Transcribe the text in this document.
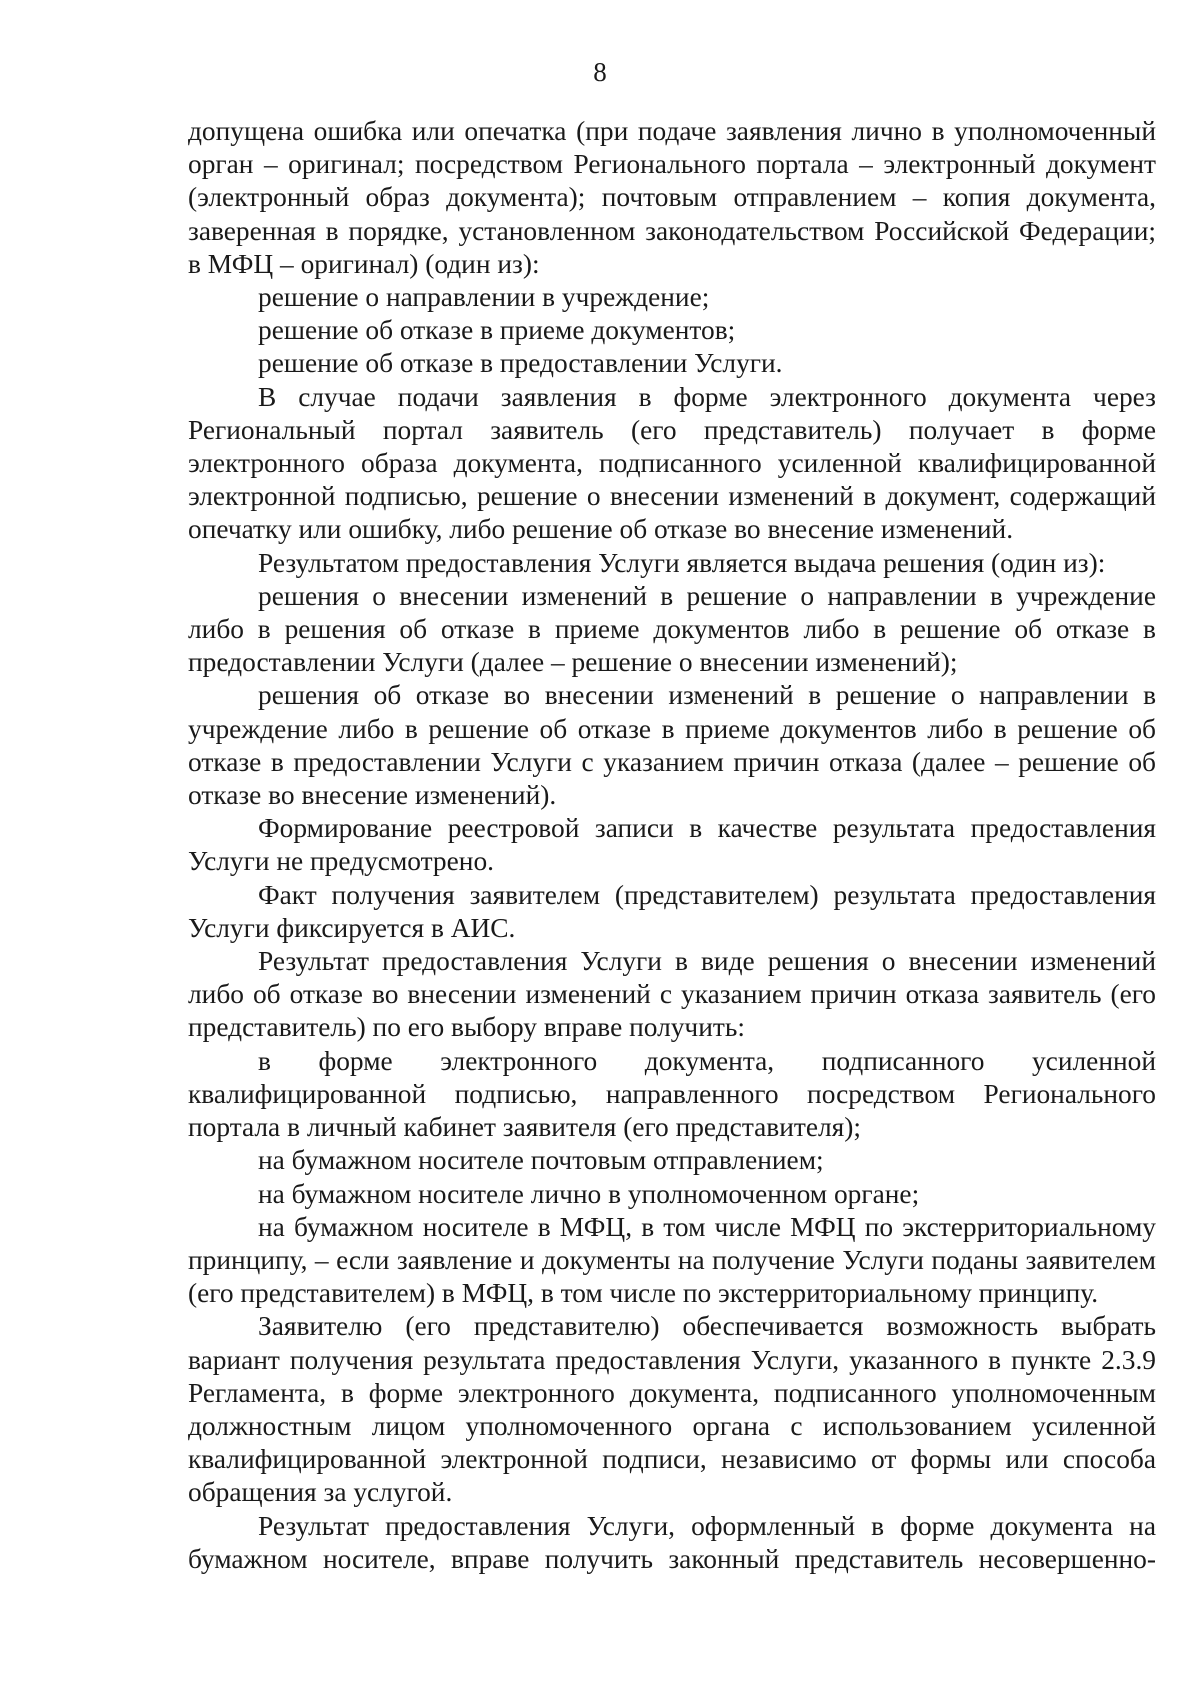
8

допущена ошибка или опечатка (при подаче заявления лично в уполномоченный орган – оригинал; посредством Регионального портала – электронный документ (электронный образ документа); почтовым отправлением – копия документа, заверенная в порядке, установленном законодательством Российской Федерации; в МФЦ – оригинал) (один из):

решение о направлении в учреждение;

решение об отказе в приеме документов;

решение об отказе в предоставлении Услуги.

В случае подачи заявления в форме электронного документа через Региональный портал заявитель (его представитель) получает в форме электронного образа документа, подписанного усиленной квалифицированной электронной подписью, решение о внесении изменений в документ, содержащий опечатку или ошибку, либо решение об отказе во внесение изменений.

Результатом предоставления Услуги является выдача решения (один из):

решения о внесении изменений в решение о направлении в учреждение либо в решения об отказе в приеме документов либо в решение об отказе в предоставлении Услуги (далее – решение о внесении изменений);

решения об отказе во внесении изменений в решение о направлении в учреждение либо в решение об отказе в приеме документов либо в решение об отказе в предоставлении Услуги с указанием причин отказа (далее – решение об отказе во внесение изменений).

Формирование реестровой записи в качестве результата предоставления Услуги не предусмотрено.

Факт получения заявителем (представителем) результата предоставления Услуги фиксируется в АИС.

Результат предоставления Услуги в виде решения о внесении изменений либо об отказе во внесении изменений с указанием причин отказа заявитель (его представитель) по его выбору вправе получить:

в форме электронного документа, подписанного усиленной квалифицированной подписью, направленного посредством Регионального портала в личный кабинет заявителя (его представителя);

на бумажном носителе почтовым отправлением;

на бумажном носителе лично в уполномоченном органе;

на бумажном носителе в МФЦ, в том числе МФЦ по экстерриториальному принципу, – если заявление и документы на получение Услуги поданы заявителем (его представителем) в МФЦ, в том числе по экстерриториальному принципу.

Заявителю (его представителю) обеспечивается возможность выбрать вариант получения результата предоставления Услуги, указанного в пункте 2.3.9 Регламента, в форме электронного документа, подписанного уполномоченным должностным лицом уполномоченного органа с использованием усиленной квалифицированной электронной подписи, независимо от формы или способа обращения за услугой.

Результат предоставления Услуги, оформленный в форме документа на бумажном носителе, вправе получить законный представитель несовершенно-
